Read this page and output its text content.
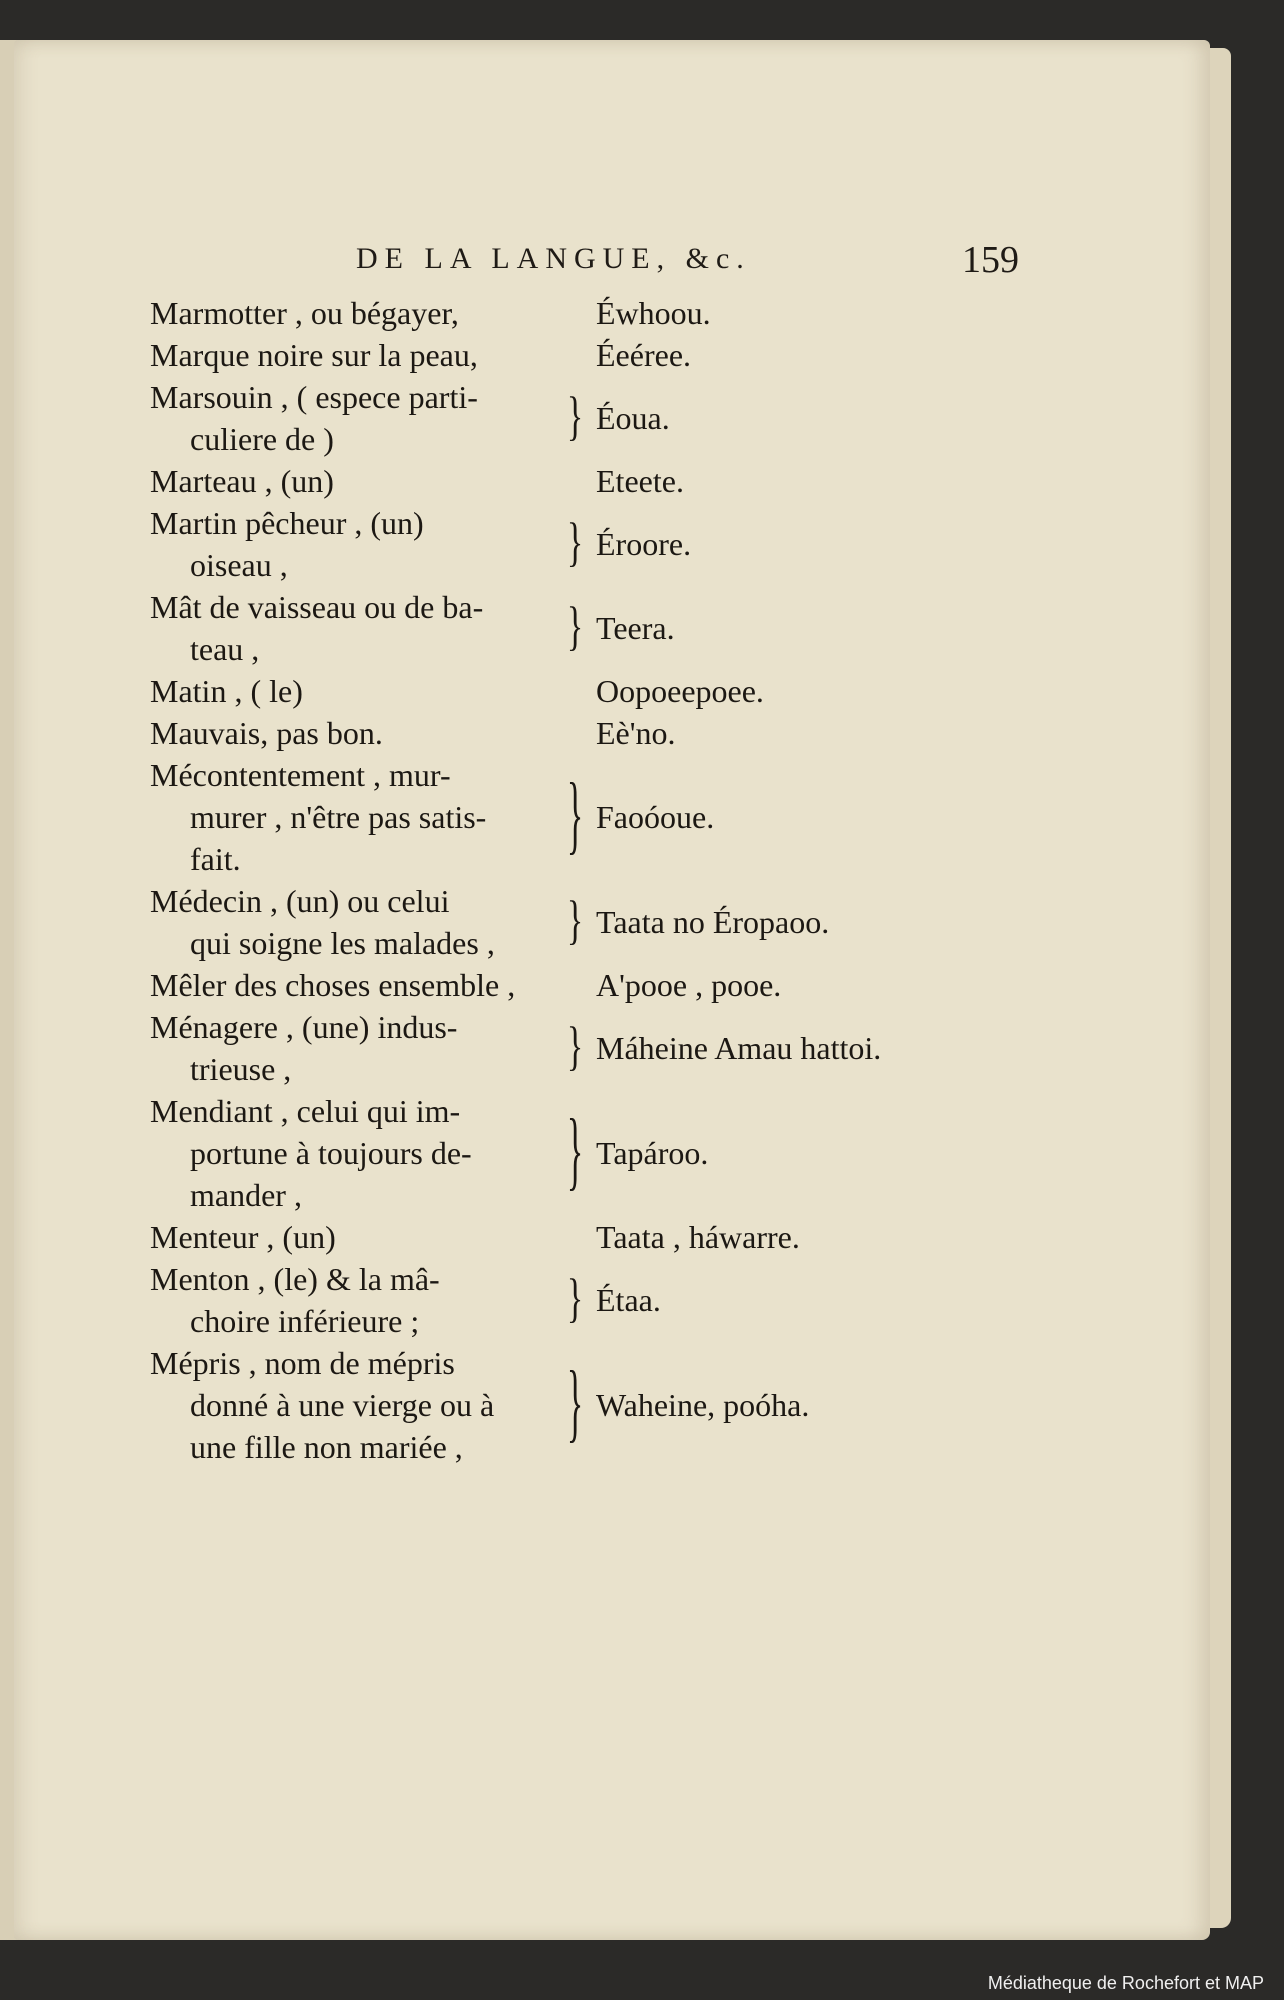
DE LA LANGUE, &c.	159
Marmotter , ou bégayer,	Éwhoou.
Marque noire sur la peau,	Éeéree.
Marsouin , ( espece parti-
culiere de )	} Éoua.
Marteau , (un)	Eteete.
Martin pêcheur , (un)
oiseau ,	} Éroore.
Mât de vaisseau ou de ba-
teau ,	} Teera.
Matin , ( le)	Oopoeepoee.
Mauvais, pas bon.	Eè'no.
Mécontentement , mur-
murer , n'être pas satis-
fait.	} Faoóoue.
Médecin , (un) ou celui
qui soigne les malades ,	} Taata no Éropaoo.
Mêler des choses ensemble ,	A'pooe , pooe.
Ménagere , (une) indus-
trieuse ,	} Máheine Amau hattoi.
Mendiant , celui qui im-
portune à toujours de-
mander ,	} Tapároo.
Menteur , (un)	Taata , háwarre.
Menton , (le) & la mâ-
choire inférieure ;	} Étaa.
Mépris , nom de mépris
donné à une vierge ou à
une fille non mariée ,	} Waheine, poóha.
Médiatheque de Rochefort et MAP
